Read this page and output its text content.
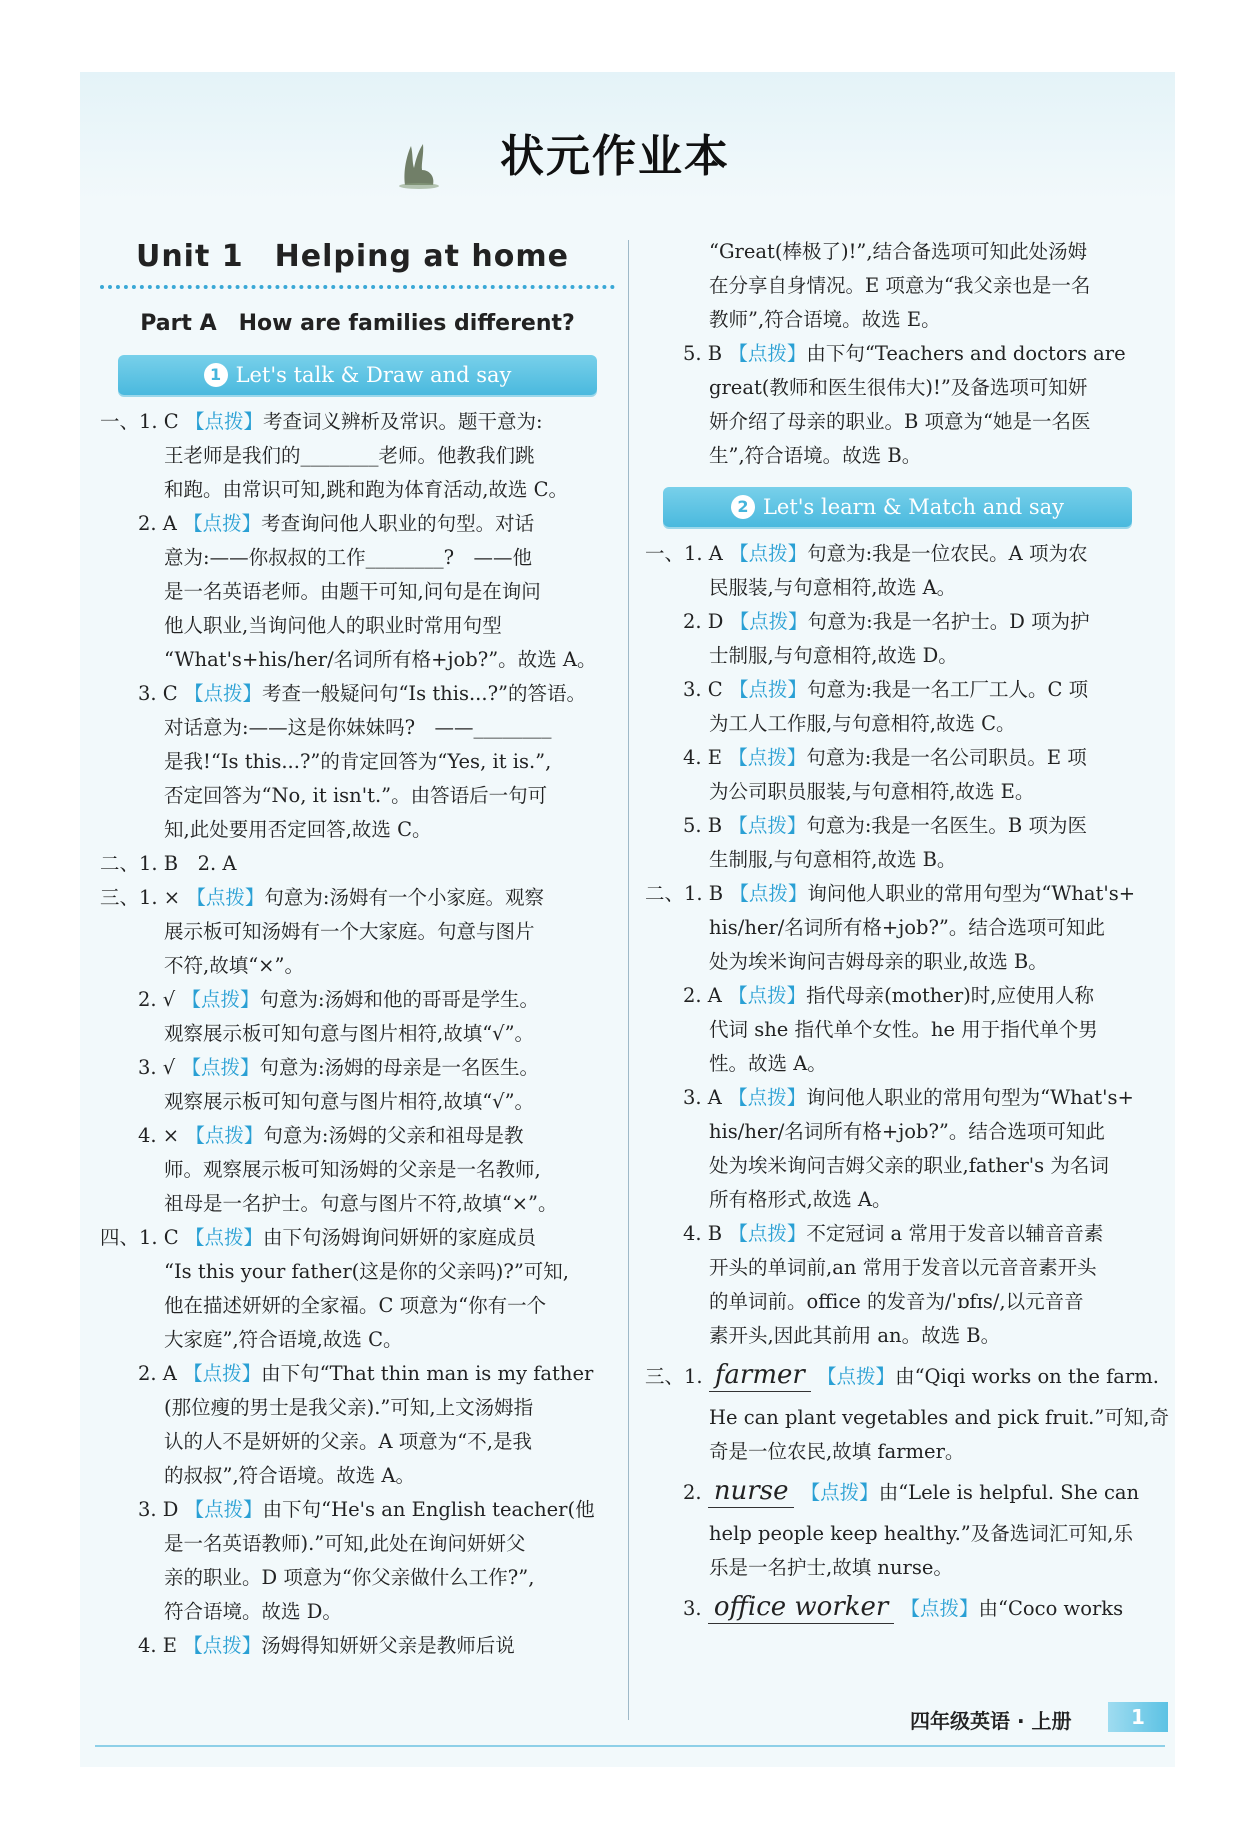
状元作业本
Unit 1　Helping at home
Part A　How are families different?
1 Let's talk & Draw and say
一、1. C 【点拨】考查词义辨析及常识。题干意为:
王老师是我们的________老师。他教我们跳
和跑。由常识可知,跳和跑为体育活动,故选 C。
2. A 【点拨】考查询问他人职业的句型。对话
意为:——你叔叔的工作________?　——他
是一名英语老师。由题干可知,问句是在询问
他人职业,当询问他人的职业时常用句型
“What's+his/her/名词所有格+job?”。故选 A。
3. C 【点拨】考查一般疑问句“Is this...?”的答语。
对话意为:——这是你妹妹吗?　——________
是我!“Is this...?”的肯定回答为“Yes, it is.”,
否定回答为“No, it isn't.”。由答语后一句可
知,此处要用否定回答,故选 C。
二、1. B　2. A
三、1. × 【点拨】句意为:汤姆有一个小家庭。观察
展示板可知汤姆有一个大家庭。句意与图片
不符,故填“×”。
2. √ 【点拨】句意为:汤姆和他的哥哥是学生。
观察展示板可知句意与图片相符,故填“√”。
3. √ 【点拨】句意为:汤姆的母亲是一名医生。
观察展示板可知句意与图片相符,故填“√”。
4. × 【点拨】句意为:汤姆的父亲和祖母是教
师。观察展示板可知汤姆的父亲是一名教师,
祖母是一名护士。句意与图片不符,故填“×”。
四、1. C 【点拨】由下句汤姆询问妍妍的家庭成员
“Is this your father(这是你的父亲吗)?”可知,
他在描述妍妍的全家福。C 项意为“你有一个
大家庭”,符合语境,故选 C。
2. A 【点拨】由下句“That thin man is my father
(那位瘦的男士是我父亲).”可知,上文汤姆指
认的人不是妍妍的父亲。A 项意为“不,是我
的叔叔”,符合语境。故选 A。
3. D 【点拨】由下句“He's an English teacher(他
是一名英语教师).”可知,此处在询问妍妍父
亲的职业。D 项意为“你父亲做什么工作?”,
符合语境。故选 D。
4. E 【点拨】汤姆得知妍妍父亲是教师后说
“Great(棒极了)!”,结合备选项可知此处汤姆
在分享自身情况。E 项意为“我父亲也是一名
教师”,符合语境。故选 E。
5. B 【点拨】由下句“Teachers and doctors are
great(教师和医生很伟大)!”及备选项可知妍
妍介绍了母亲的职业。B 项意为“她是一名医
生”,符合语境。故选 B。
2 Let's learn & Match and say
一、1. A 【点拨】句意为:我是一位农民。A 项为农
民服装,与句意相符,故选 A。
2. D 【点拨】句意为:我是一名护士。D 项为护
士制服,与句意相符,故选 D。
3. C 【点拨】句意为:我是一名工厂工人。C 项
为工人工作服,与句意相符,故选 C。
4. E 【点拨】句意为:我是一名公司职员。E 项
为公司职员服装,与句意相符,故选 E。
5. B 【点拨】句意为:我是一名医生。B 项为医
生制服,与句意相符,故选 B。
二、1. B 【点拨】询问他人职业的常用句型为“What's+
his/her/名词所有格+job?”。结合选项可知此
处为埃米询问吉姆母亲的职业,故选 B。
2. A 【点拨】指代母亲(mother)时,应使用人称
代词 she 指代单个女性。he 用于指代单个男
性。故选 A。
3. A 【点拨】询问他人职业的常用句型为“What's+
his/her/名词所有格+job?”。结合选项可知此
处为埃米询问吉姆父亲的职业,father's 为名词
所有格形式,故选 A。
4. B 【点拨】不定冠词 a 常用于发音以辅音音素
开头的单词前,an 常用于发音以元音音素开头
的单词前。office 的发音为/ˈɒfɪs/,以元音音
素开头,因此其前用 an。故选 B。
三、1. farmer 【点拨】由“Qiqi works on the farm.
He can plant vegetables and pick fruit.”可知,奇
奇是一位农民,故填 farmer。
2. nurse 【点拨】由“Lele is helpful. She can
help people keep healthy.”及备选词汇可知,乐
乐是一名护士,故填 nurse。
3. office worker 【点拨】由“Coco works
四年级英语 · 上册	1
